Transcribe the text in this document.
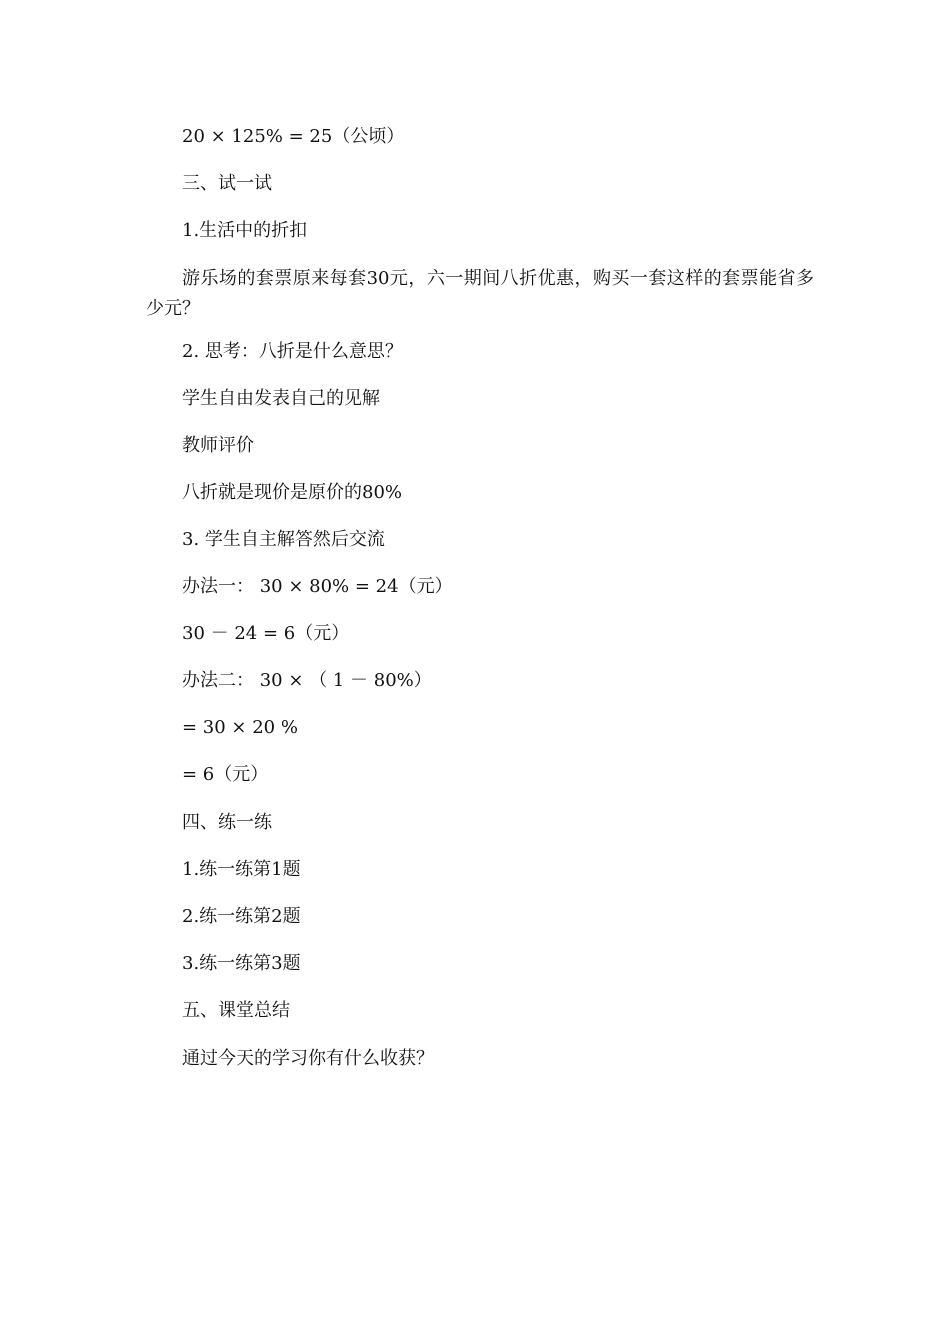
20 × 125% = 25（公顷）
三、试一试
1.生活中的折扣
游乐场的套票原来每套30元，六一期间八折优惠，购买一套这样的套票能省多少元？
2. 思考：八折是什么意思？
学生自由发表自己的见解
教师评价
八折就是现价是原价的80%
3. 学生自主解答然后交流
办法一： 30 × 80% = 24（元）
30 － 24 = 6（元）
办法二： 30 × （ 1 － 80%）
= 30 × 20 %
= 6（元）
四、练一练
1.练一练第1题
2.练一练第2题
3.练一练第3题
五、课堂总结
通过今天的学习你有什么收获？
